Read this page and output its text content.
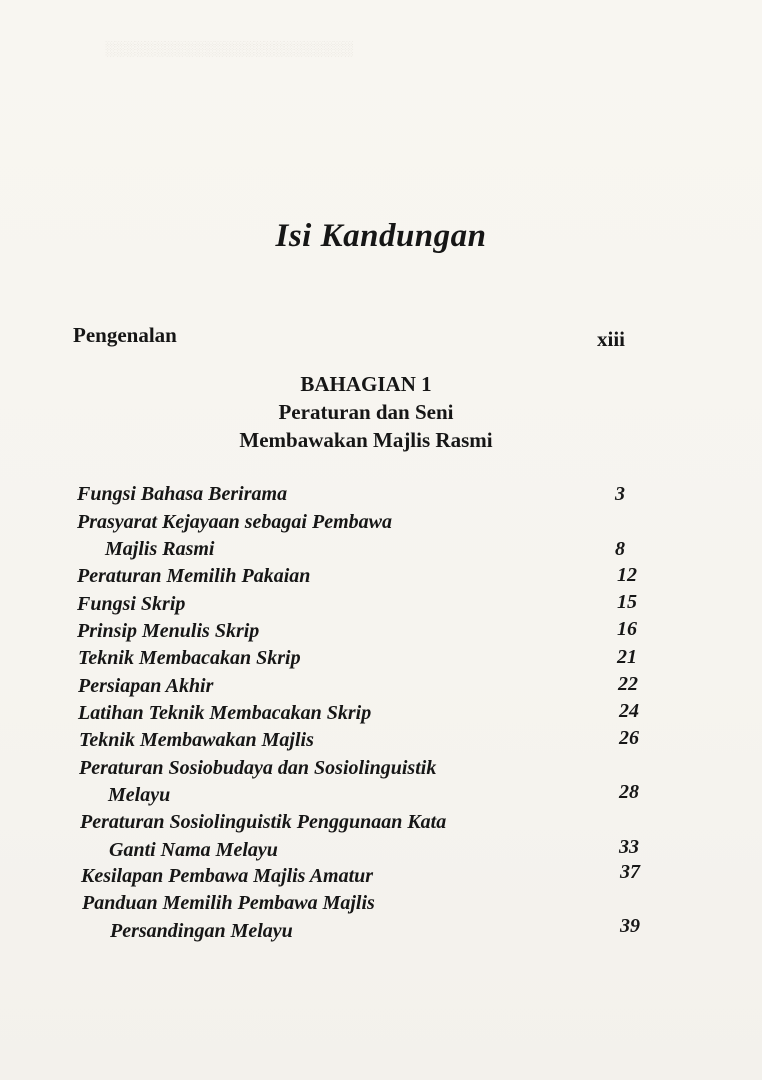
░░░░░░░░░░░░░░░░░░░░░░░░░
Isi Kandungan
Pengenalan	xiii
BAHAGIAN 1
Peraturan dan Seni
Membawakan Majlis Rasmi
Fungsi Bahasa Berirama	3
Prasyarat Kejayaan sebagai Pembawa
Majlis Rasmi	8
Peraturan Memilih Pakaian	12
Fungsi Skrip	15
Prinsip Menulis Skrip	16
Teknik Membacakan Skrip	21
Persiapan Akhir	22
Latihan Teknik Membacakan Skrip	24
Teknik Membawakan Majlis	26
Peraturan Sosiobudaya dan Sosiolinguistik
Melayu	28
Peraturan Sosiolinguistik Penggunaan Kata
Ganti Nama Melayu	33
Kesilapan Pembawa Majlis Amatur	37
Panduan Memilih Pembawa Majlis
Persandingan Melayu	39
